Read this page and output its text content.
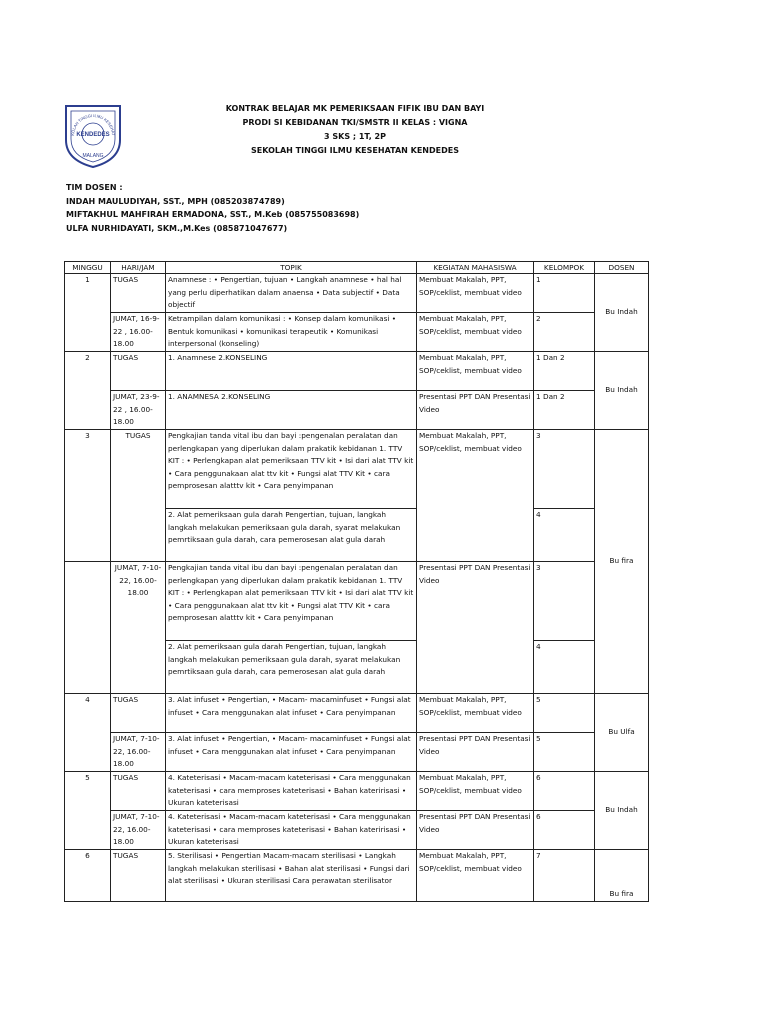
KOLAH TINGGI ILMU KESEHAT
KENDEDES
MALANG
KONTRAK BELAJAR MK PEMERIKSAAN FIFIK IBU DAN BAYI
PRODI SI KEBIDANAN TKI/SMSTR II KELAS : VIGNA
3 SKS ; 1T, 2P
SEKOLAH TINGGI ILMU KESEHATAN KENDEDES
TIM DOSEN :
INDAH MAULUDIYAH, SST., MPH (085203874789)
MIFTAKHUL MAHFIRAH ERMADONA, SST., M.Keb (085755083698)
ULFA NURHIDAYATI, SKM.,M.Kes (085871047677)
MINGGU	HARI/JAM	TOPIK	KEGIATAN MAHASISWA	KELOMPOK	DOSEN
1	TUGAS	Anamnese : • Pengertian, tujuan • Langkah anamnese • hal hal yang perlu diperhatikan dalam anaensa • Data subjectif • Data objectif	Membuat Makalah, PPT, SOP/ceklist, membuat video	1	Bu Indah
	JUMAT, 16-9-22 , 16.00-18.00	Ketrampilan dalam komunikasi : • Konsep dalam komunikasi • Bentuk komunikasi • komunikasi terapeutik • Komunikasi interpersonal (konseling)	Membuat Makalah, PPT, SOP/ceklist, membuat video	2	
2	TUGAS	1. Anamnese 2.KONSELING	Membuat Makalah, PPT, SOP/ceklist, membuat video	1 Dan 2	Bu Indah
	JUMAT, 23-9-22 , 16.00-18.00	1. ANAMNESA 2.KONSELING	Presentasi PPT DAN Presentasi Video	1 Dan 2	
3	TUGAS	Pengkajian tanda vital ibu dan bayi :pengenalan peralatan dan perlengkapan yang diperlukan dalam prakatik kebidanan 1. TTV KIT : • Perlengkapan alat pemeriksaan TTV kit • Isi dari alat TTV kit • Cara penggunakaan alat ttv kit • Fungsi alat TTV Kit • cara pemprosesan alatttv kit • Cara penyimpanan	Membuat Makalah, PPT, SOP/ceklist, membuat video	3	Bu fira
		2. Alat pemeriksaan gula darah Pengertian, tujuan, langkah langkah melakukan pemeriksaan gula darah, syarat melakukan pemrtiksaan gula darah, cara pemerosesan alat gula darah		4	
	JUMAT, 7-10-22, 16.00-18.00	Pengkajian tanda vital ibu dan bayi :pengenalan peralatan dan perlengkapan yang diperlukan dalam prakatik kebidanan 1. TTV KIT : • Perlengkapan alat pemeriksaan TTV kit • Isi dari alat TTV kit • Cara penggunakaan alat ttv kit • Fungsi alat TTV Kit • cara pemprosesan alatttv kit • Cara penyimpanan	Presentasi PPT DAN Presentasi Video	3	
		2. Alat pemeriksaan gula darah Pengertian, tujuan, langkah langkah melakukan pemeriksaan gula darah, syarat melakukan pemrtiksaan gula darah, cara pemerosesan alat gula darah		4	
4	TUGAS	3. Alat infuset • Pengertian, • Macam- macaminfuset • Fungsi alat infuset • Cara menggunakan alat infuset • Cara penyimpanan	Membuat Makalah, PPT, SOP/ceklist, membuat video	5	Bu Ulfa
	JUMAT, 7-10-22, 16.00-18.00	3. Alat infuset • Pengertian, • Macam- macaminfuset • Fungsi alat infuset • Cara menggunakan alat infuset • Cara penyimpanan	Presentasi PPT DAN Presentasi Video	5	
5	TUGAS	4. Kateterisasi • Macam-macam kateterisasi • Cara menggunakan kateterisasi • cara memproses kateterisasi • Bahan kateririsasi • Ukuran kateterisasi	Membuat Makalah, PPT, SOP/ceklist, membuat video	6	Bu Indah
	JUMAT, 7-10-22, 16.00-18.00	4. Kateterisasi • Macam-macam kateterisasi • Cara menggunakan kateterisasi • cara memproses kateterisasi • Bahan kateririsasi • Ukuran kateterisasi	Presentasi PPT DAN Presentasi Video	6	
6	TUGAS	5. Sterilisasi • Pengertian Macam-macam sterilisasi • Langkah langkah melakukan sterilisasi • Bahan alat sterilisasi • Fungsi dari alat sterilisasi • Ukuran sterilisasi Cara perawatan sterilisator	Membuat Makalah, PPT, SOP/ceklist, membuat video	7	Bu fira
